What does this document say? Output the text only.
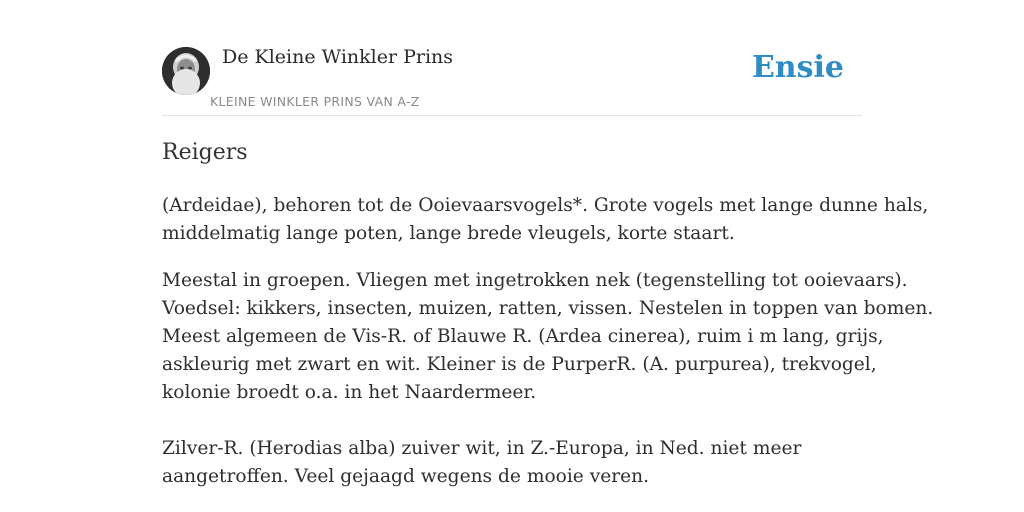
De Kleine Winkler Prins
KLEINE WINKLER PRINS VAN A-Z
Ensie
Reigers

(Ardeidae), behoren tot de Ooievaarsvogels*. Grote vogels met lange dunne hals,
middelmatig lange poten, lange brede vleugels, korte staart.

Meestal in groepen. Vliegen met ingetrokken nek (tegenstelling tot ooievaars).
Voedsel: kikkers, insecten, muizen, ratten, vissen. Nestelen in toppen van bomen.
Meest algemeen de Vis-R. of Blauwe R. (Ardea cinerea), ruim i m lang, grijs,
askleurig met zwart en wit. Kleiner is de PurperR. (A. purpurea), trekvogel,
kolonie broedt o.a. in het Naardermeer.
Zilver-R. (Herodias alba) zuiver wit, in Z.-Europa, in Ned. niet meer
aangetroffen. Veel gejaagd wegens de mooie veren.
